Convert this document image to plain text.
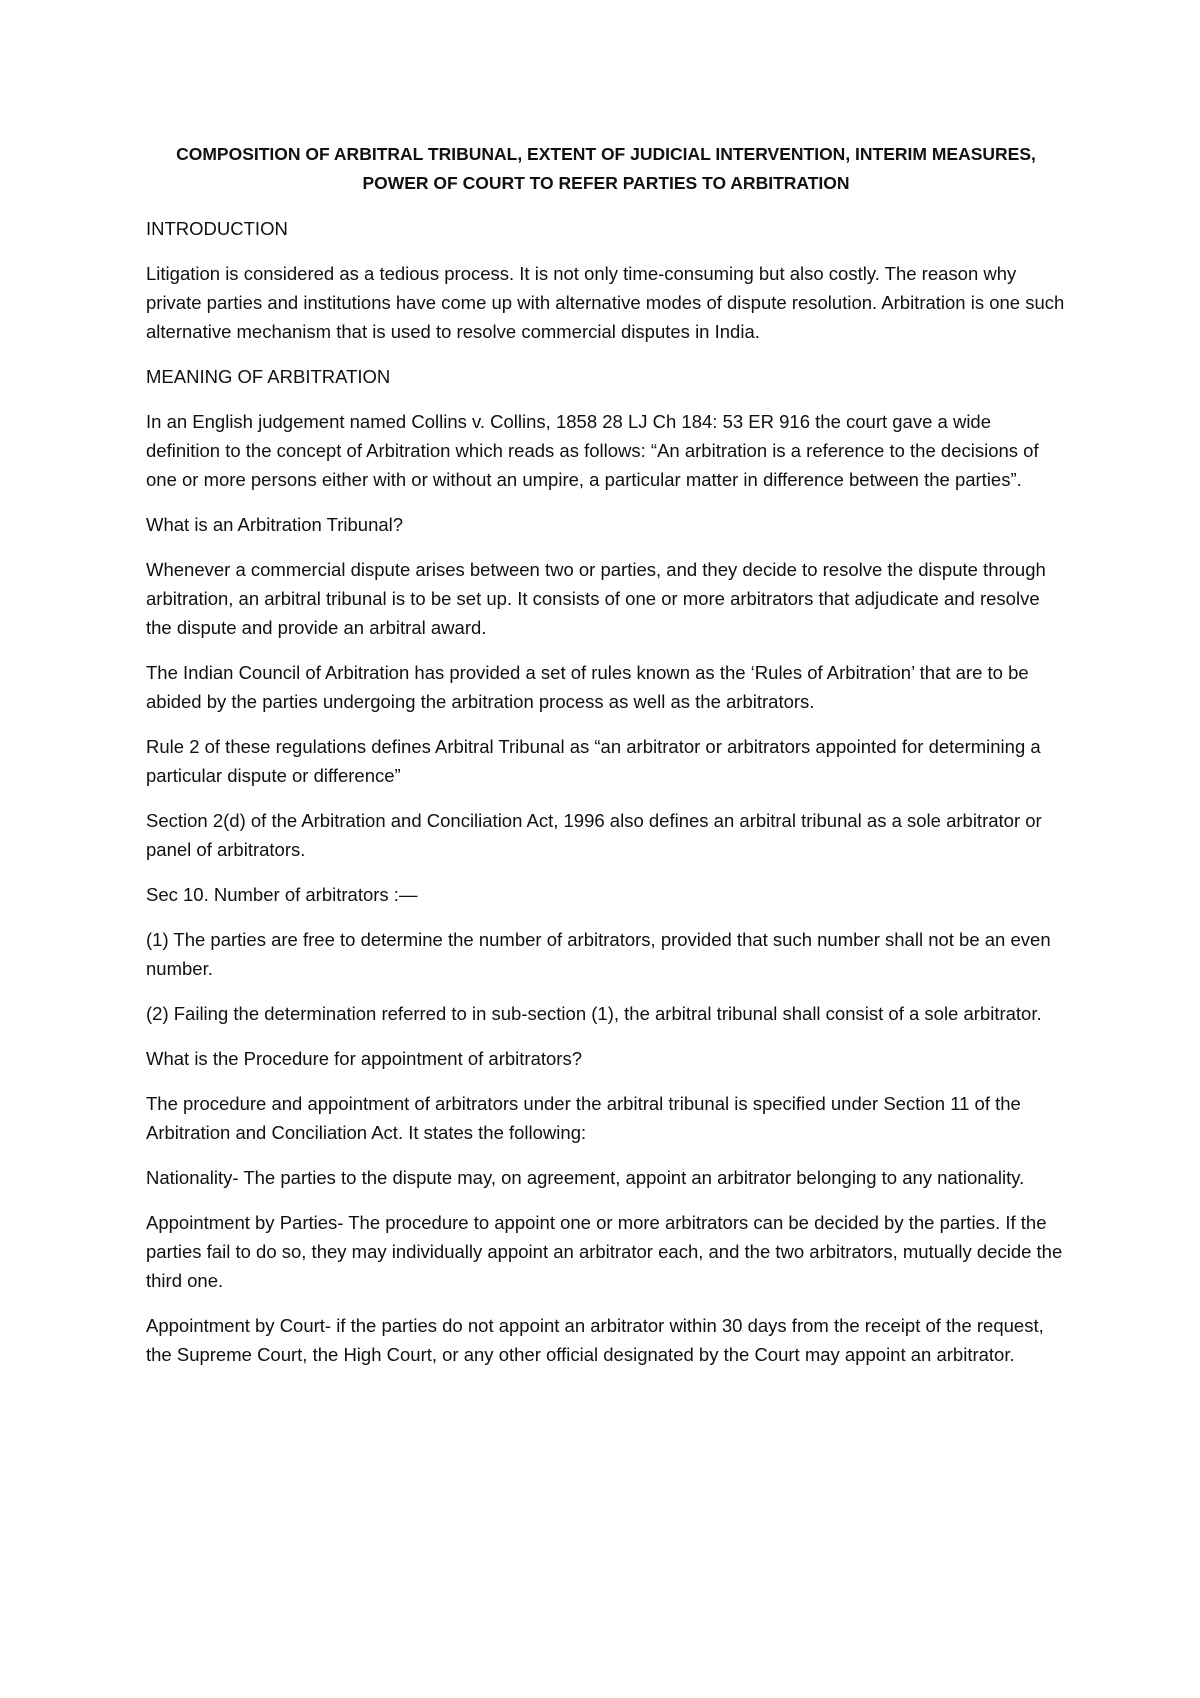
COMPOSITION OF ARBITRAL TRIBUNAL, EXTENT OF JUDICIAL INTERVENTION, INTERIM MEASURES,
POWER OF COURT TO REFER PARTIES TO ARBITRATION

INTRODUCTION

Litigation is considered as a tedious process. It is not only time-consuming but also costly. The reason why private parties and institutions have come up with alternative modes of dispute resolution. Arbitration is one such alternative mechanism that is used to resolve commercial disputes in India.

MEANING OF ARBITRATION

In an English judgement named Collins v. Collins, 1858 28 LJ Ch 184: 53 ER 916 the court gave a wide definition to the concept of Arbitration which reads as follows: “An arbitration is a reference to the decisions of one or more persons either with or without an umpire, a particular matter in difference between the parties”.

What is an Arbitration Tribunal?

Whenever a commercial dispute arises between two or parties, and they decide to resolve the dispute through arbitration, an arbitral tribunal is to be set up. It consists of one or more arbitrators that adjudicate and resolve the dispute and provide an arbitral award.

The Indian Council of Arbitration has provided a set of rules known as the ‘Rules of Arbitration’ that are to be abided by the parties undergoing the arbitration process as well as the arbitrators.

Rule 2 of these regulations defines Arbitral Tribunal as “an arbitrator or arbitrators appointed for determining a particular dispute or difference”

Section 2(d) of the Arbitration and Conciliation Act, 1996 also defines an arbitral tribunal as a sole arbitrator or panel of arbitrators.

Sec 10. Number of arbitrators :—

(1) The parties are free to determine the number of arbitrators, provided that such number shall not be an even number.

(2) Failing the determination referred to in sub-section (1), the arbitral tribunal shall consist of a sole arbitrator.

What is the Procedure for appointment of arbitrators?

The procedure and appointment of arbitrators under the arbitral tribunal is specified under Section 11 of the Arbitration and Conciliation Act. It states the following:

Nationality- The parties to the dispute may, on agreement, appoint an arbitrator belonging to any nationality.

Appointment by Parties- The procedure to appoint one or more arbitrators can be decided by the parties. If the parties fail to do so, they may individually appoint an arbitrator each, and the two arbitrators, mutually decide the third one.

Appointment by Court- if the parties do not appoint an arbitrator within 30 days from the receipt of the request, the Supreme Court, the High Court, or any other official designated by the Court may appoint an arbitrator.
